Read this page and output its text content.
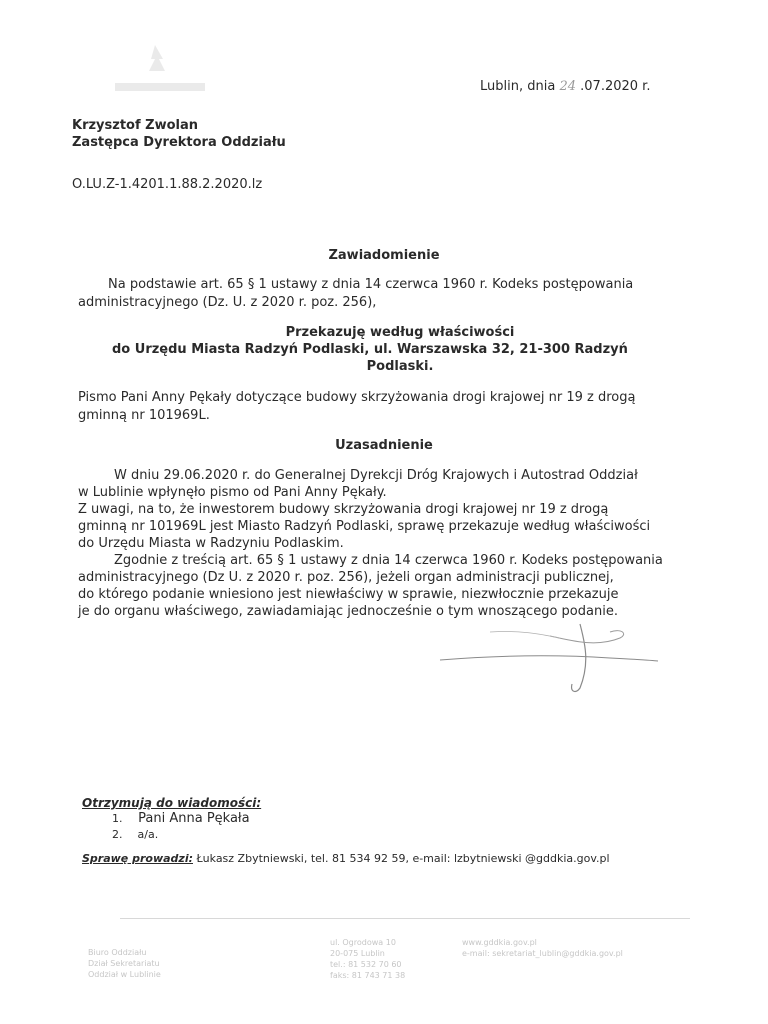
Lublin, dnia 24 .07.2020 r.
Krzysztof Zwolan
Zastępca Dyrektora Oddziału
O.LU.Z-1.4201.1.88.2.2020.lz
Zawiadomienie
Na podstawie art. 65 § 1 ustawy z dnia 14 czerwca 1960 r. Kodeks postępowania
administracyjnego (Dz. U. z 2020 r. poz. 256),
Przekazuję według właściwości
do Urzędu Miasta Radzyń Podlaski, ul. Warszawska 32, 21-300 Radzyń
Podlaski.
Pismo Pani Anny Pękały dotyczące budowy skrzyżowania drogi krajowej nr 19 z drogą
gminną nr 101969L.
Uzasadnienie
W dniu 29.06.2020 r. do Generalnej Dyrekcji Dróg Krajowych i Autostrad Oddział
w Lublinie wpłynęło pismo od Pani Anny Pękały.
Z uwagi, na to, że inwestorem budowy skrzyżowania drogi krajowej nr 19 z drogą
gminną nr 101969L jest Miasto Radzyń Podlaski, sprawę przekazuje według właściwości
do Urzędu Miasta w Radzyniu Podlaskim.
Zgodnie z treścią art. 65 § 1 ustawy z dnia 14 czerwca 1960 r. Kodeks postępowania
administracyjnego (Dz U. z 2020 r. poz. 256), jeżeli organ administracji publicznej,
do którego podanie wniesiono jest niewłaściwy w sprawie, niezwłocznie przekazuje
je do organu właściwego, zawiadamiając jednocześnie o tym wnoszącego podanie.
Otrzymują do wiadomości:
1. Pani Anna Pękała
2. a/a.
Sprawę prowadzi: Łukasz Zbytniewski, tel. 81 534 92 59, e-mail: lzbytniewski @gddkia.gov.pl
Biuro Oddziału
Dział Sekretariatu
Oddział w Lublinie
ul. Ogrodowa 10
20-075 Lublin
tel.: 81 532 70 60
faks: 81 743 71 38
www.gddkia.gov.pl
e-mail: sekretariat_lublin@gddkia.gov.pl
